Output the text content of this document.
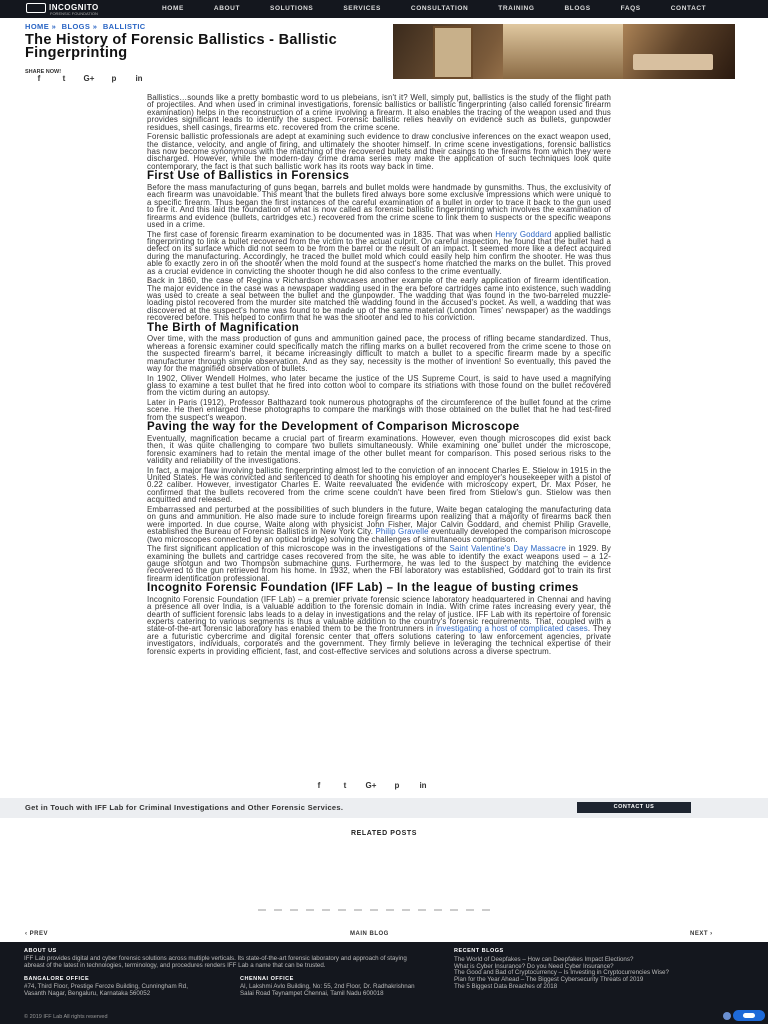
INCOGNITO
FORENSIC FOUNDATION
HOME	ABOUT	SOLUTIONS	SERVICES	CONSULTATION	TRAINING	BLOGS	FAQS	CONTACT
HOME » BLOGS » BALLISTIC
The History of Forensic Ballistics - Ballistic Fingerprinting
SHARE NOW!
f	t	G+	p	in

Ballistics…sounds like a pretty bombastic word to us plebeians, isn't it? Well, simply put, ballistics is the study of the flight path of projectiles. And when used in criminal investigations, forensic ballistics or ballistic fingerprinting (also called forensic firearm examination) helps in the reconstruction of a crime involving a firearm. It also enables the tracing of the weapon used and thus provides significant leads to identify the suspect. Forensic ballistic relies heavily on evidence such as bullets, gunpowder residues, shell casings, firearms etc. recovered from the crime scene.

Forensic ballistic professionals are adept at examining such evidence to draw conclusive inferences on the exact weapon used, the distance, velocity, and angle of firing, and ultimately the shooter himself. In crime scene investigations, forensic ballistics has now become synonymous with the matching of the recovered bullets and their casings to the firearms from which they were discharged. However, while the modern-day crime drama series may make the application of such techniques look quite contemporary, the fact is that such ballistic work has its roots way back in time.

First Use of Ballistics in Forensics

Before the mass manufacturing of guns began, barrels and bullet molds were handmade by gunsmiths. Thus, the exclusivity of each firearm was unavoidable. This meant that the bullets fired always bore some exclusive impressions which were unique to a specific firearm. Thus began the first instances of the careful examination of a bullet in order to trace it back to the gun used to fire it. And this laid the foundation of what is now called as forensic ballistic fingerprinting which involves the examination of firearms and evidence (bullets, cartridges etc.) recovered from the crime scene to link them to suspects or the specific weapons used in a crime.

The first case of forensic firearm examination to be documented was in 1835. That was when Henry Goddard applied ballistic fingerprinting to link a bullet recovered from the victim to the actual culprit. On careful inspection, he found that the bullet had a defect on its surface which did not seem to be from the barrel or the result of an impact. It seemed more like a defect acquired during the manufacturing. Accordingly, he traced the bullet mold which could easily help him confirm the shooter. He was thus able to exactly zero in on the shooter when the mold found at the suspect's home matched the marks on the bullet. This proved as a crucial evidence in convicting the shooter though he did also confess to the crime eventually.

Back in 1860, the case of Regina v Richardson showcases another example of the early application of firearm identification. The major evidence in the case was a newspaper wadding used in the era before cartridges came into existence, such wadding was used to create a seal between the bullet and the gunpowder. The wadding that was found in the two-barreled muzzle-loading pistol recovered from the murder site matched the wadding found in the accused's pocket. As well, a wadding that was discovered at the suspect's home was found to be made up of the same material (London Times' newspaper) as the waddings recovered before. This helped to confirm that he was the shooter and led to his conviction.

The Birth of Magnification

Over time, with the mass production of guns and ammunition gained pace, the process of rifling became standardized. Thus, whereas a forensic examiner could specifically match the rifling marks on a bullet recovered from the crime scene to those on the suspected firearm's barrel, it became increasingly difficult to match a bullet to a specific firearm made by a specific manufacturer through simple observation. And as they say, necessity is the mother of invention! So eventually, this paved the way for the magnified observation of bullets.

In 1902, Oliver Wendell Holmes, who later became the justice of the US Supreme Court, is said to have used a magnifying glass to examine a test bullet that he fired into cotton wool to compare its striations with those found on the bullet recovered from the victim during an autopsy.

Later in Paris (1912), Professor Balthazard took numerous photographs of the circumference of the bullet found at the crime scene. He then enlarged these photographs to compare the markings with those obtained on the bullet that he had test-fired from the suspect's weapon.

Paving the way for the Development of Comparison Microscope

Eventually, magnification became a crucial part of firearm examinations. However, even though microscopes did exist back then, it was quite challenging to compare two bullets simultaneously. While examining one bullet under the microscope, forensic examiners had to retain the mental image of the other bullet meant for comparison. This posed serious risks to the validity and reliability of the investigations.

In fact, a major flaw involving ballistic fingerprinting almost led to the conviction of an innocent Charles E. Stielow in 1915 in the United States. He was convicted and sentenced to death for shooting his employer and employer's housekeeper with a pistol of 0.22 caliber. However, investigator Charles E. Waite reevaluated the evidence with microscopy expert, Dr. Max Poser, he confirmed that the bullets recovered from the crime scene couldn't have been fired from Stielow's gun. Stielow was then acquitted and released.

Embarrassed and perturbed at the possibilities of such blunders in the future, Waite began cataloging the manufacturing data on guns and ammunition. He also made sure to include foreign firearms upon realizing that a majority of firearms back then were imported. In due course, Waite along with physicist John Fisher, Major Calvin Goddard, and chemist Philip Gravelle, established the Bureau of Forensic Ballistics in New York City. Philip Gravelle eventually developed the comparison microscope (two microscopes connected by an optical bridge) solving the challenges of simultaneous comparison.

The first significant application of this microscope was in the investigations of the Saint Valentine's Day Massacre in 1929. By examining the bullets and cartridge cases recovered from the site, he was able to identify the exact weapons used – a 12-gauge shotgun and two Thompson submachine guns. Furthermore, he was led to the suspect by matching the evidence recovered to the gun retrieved from his home. In 1932, when the FBI laboratory was established, Goddard got to train its first firearm identification professional.

Incognito Forensic Foundation (IFF Lab) – In the league of busting crimes

Incognito Forensic Foundation (IFF Lab) – a premier private forensic science laboratory headquartered in Chennai and having a presence all over India, is a valuable addition to the forensic domain in India. With crime rates increasing every year, the dearth of sufficient forensic labs leads to a delay in investigations and the relay of justice. IFF Lab with its repertoire of forensic experts catering to various segments is thus a valuable addition to the country's forensic requirements. That, coupled with a state-of-the-art forensic laboratory has enabled them to be the frontrunners in investigating a host of complicated cases. They are a futuristic cybercrime and digital forensic center that offers solutions catering to law enforcement agencies, private investigators, individuals, corporates and the government. They firmly believe in leveraging the technical expertise of their forensic experts in providing efficient, fast, and cost-effective services and solutions across a diverse spectrum.

f	t	G+	p	in
Get in Touch with IFF Lab for Criminal Investigations and Other Forensic Services.	CONTACT US
RELATED POSTS
‹ PREV	MAIN BLOG	NEXT ›
ABOUT US
IFF Lab provides digital and cyber forensic solutions across multiple verticals. Its state-of-the-art forensic laboratory and approach of staying abreast of the latest in technologies, terminology, and procedures renders IFF Lab a name that can be trusted.
BANGALORE OFFICE
#74, Third Floor, Prestige Feroze Building, Cunningham Rd, Vasanth Nagar, Bengaluru, Karnataka 560052
CHENNAI OFFICE
Al, Lakshmi Avlo Building, No: 55, 2nd Floor, Dr. Radhakrishnan Salai Road Teynampet Chennai, Tamil Nadu 600018
RECENT BLOGS
The World of Deepfakes – How can Deepfakes Impact Elections?
What is Cyber Insurance? Do you Need Cyber Insurance?
The Good and Bad of Cryptocurrency – Is Investing in Cryptocurrencies Wise?
Plan for the Year Ahead – The Biggest Cybersecurity Threats of 2019
The 5 Biggest Data Breaches of 2018
© 2019 IFF Lab All rights reserved
